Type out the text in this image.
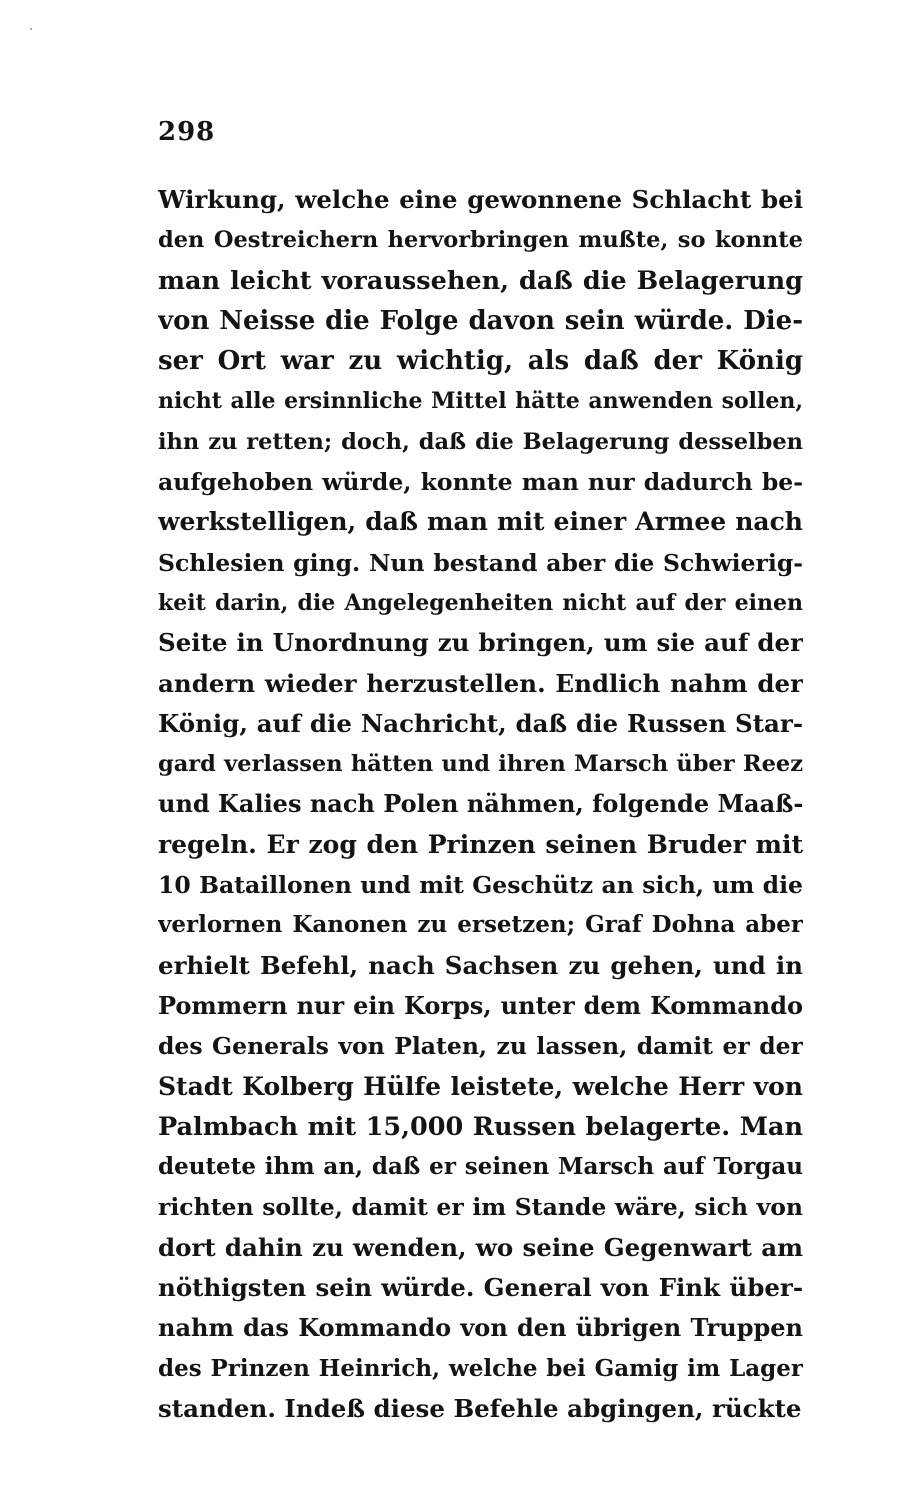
298
Wirkung, welche eine gewonnene Schlacht bei
den Oestreichern hervorbringen mußte, so konnte
man leicht voraussehen, daß die Belagerung
von Neisse die Folge davon sein würde. Die-
ser Ort war zu wichtig, als daß der König
nicht alle ersinnliche Mittel hätte anwenden sollen,
ihn zu retten; doch, daß die Belagerung desselben
aufgehoben würde, konnte man nur dadurch be-
werkstelligen, daß man mit einer Armee nach
Schlesien ging. Nun bestand aber die Schwierig-
keit darin, die Angelegenheiten nicht auf der einen
Seite in Unordnung zu bringen, um sie auf der
andern wieder herzustellen. Endlich nahm der
König, auf die Nachricht, daß die Russen Star-
gard verlassen hätten und ihren Marsch über Reez
und Kalies nach Polen nähmen, folgende Maaß-
regeln. Er zog den Prinzen seinen Bruder mit
10 Bataillonen und mit Geschütz an sich, um die
verlornen Kanonen zu ersetzen; Graf Dohna aber
erhielt Befehl, nach Sachsen zu gehen, und in
Pommern nur ein Korps, unter dem Kommando
des Generals von Platen, zu lassen, damit er der
Stadt Kolberg Hülfe leistete, welche Herr von
Palmbach mit 15,000 Russen belagerte. Man
deutete ihm an, daß er seinen Marsch auf Torgau
richten sollte, damit er im Stande wäre, sich von
dort dahin zu wenden, wo seine Gegenwart am
nöthigsten sein würde. General von Fink über-
nahm das Kommando von den übrigen Truppen
des Prinzen Heinrich, welche bei Gamig im Lager
standen. Indeß diese Befehle abgingen, rückte
